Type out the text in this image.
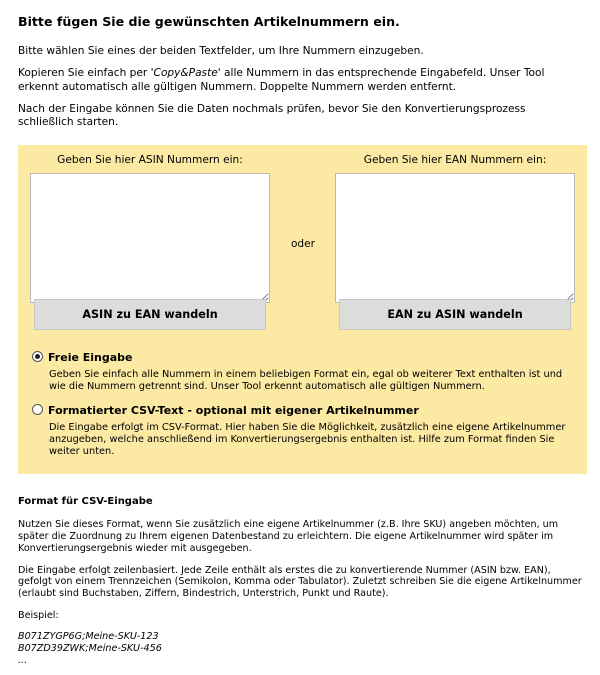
Bitte fügen Sie die gewünschten Artikelnummern ein.

Bitte wählen Sie eines der beiden Textfelder, um Ihre Nummern einzugeben.

Kopieren Sie einfach per 'Copy&Paste' alle Nummern in das entsprechende Eingabefeld. Unser Tool erkennt automatisch alle gültigen Nummern. Doppelte Nummern werden entfernt.

Nach der Eingabe können Sie die Daten nochmals prüfen, bevor Sie den Konvertierungsprozess schließlich starten.

Geben Sie hier ASIN Nummern ein:
oder
Geben Sie hier EAN Nummern ein:
ASIN zu EAN wandeln	EAN zu ASIN wandeln
Freie Eingabe
Geben Sie einfach alle Nummern in einem beliebigen Format ein, egal ob weiterer Text enthalten ist und wie die Nummern getrennt sind. Unser Tool erkennt automatisch alle gültigen Nummern.
Formatierter CSV-Text - optional mit eigener Artikelnummer
Die Eingabe erfolgt im CSV-Format. Hier haben Sie die Möglichkeit, zusätzlich eine eigene Artikelnummer anzugeben, welche anschließend im Konvertierungsergebnis enthalten ist. Hilfe zum Format finden Sie weiter unten.
Format für CSV-Eingabe

Nutzen Sie dieses Format, wenn Sie zusätzlich eine eigene Artikelnummer (z.B. Ihre SKU) angeben möchten, um später die Zuordnung zu Ihrem eigenen Datenbestand zu erleichtern. Die eigene Artikelnummer wird später im Konvertierungsergebnis wieder mit ausgegeben.

Die Eingabe erfolgt zeilenbasiert. Jede Zeile enthält als erstes die zu konvertierende Nummer (ASIN bzw. EAN), gefolgt von einem Trennzeichen (Semikolon, Komma oder Tabulator). Zuletzt schreiben Sie die eigene Artikelnummer (erlaubt sind Buchstaben, Ziffern, Bindestrich, Unterstrich, Punkt und Raute).

Beispiel:

B071ZYGP6G;Meine-SKU-123
B07ZD39ZWK;Meine-SKU-456
...
